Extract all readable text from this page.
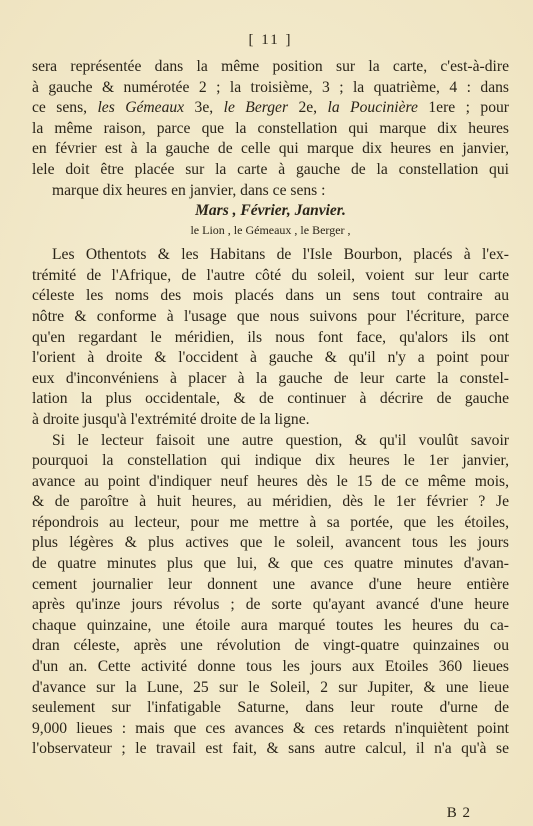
[ 11 ]
sera représentée dans la même position sur la carte, c'est-à-dire
à gauche & numérotée 2 ; la troisième, 3 ; la quatrième, 4 : dans
ce sens, les Gémeaux 3e, le Berger 2e, la Poucinière 1ere ; pour
la même raison, parce que la constellation qui marque dix heures
en février est à la gauche de celle qui marque dix heures en janvier,
lele doit être placée sur la carte à gauche de la constellation qui
marque dix heures en janvier, dans ce sens :
Mars , Février, Janvier.
le Lion , le Gémeaux , le Berger ,
Les Othentots & les Habitans de l'Isle Bourbon, placés à l'ex-
trémité de l'Afrique, de l'autre côté du soleil, voient sur leur carte
céleste les noms des mois placés dans un sens tout contraire au
nôtre & conforme à l'usage que nous suivons pour l'écriture, parce
qu'en regardant le méridien, ils nous font face, qu'alors ils ont
l'orient à droite & l'occident à gauche & qu'il n'y a point pour
eux d'inconvéniens à placer à la gauche de leur carte la constel-
lation la plus occidentale, & de continuer à décrire de gauche
à droite jusqu'à l'extrémité droite de la ligne.
Si le lecteur faisoit une autre question, & qu'il voulût savoir
pourquoi la constellation qui indique dix heures le 1er janvier,
avance au point d'indiquer neuf heures dès le 15 de ce même mois,
& de paroître à huit heures, au méridien, dès le 1er février ? Je
répondrois au lecteur, pour me mettre à sa portée, que les étoiles,
plus légères & plus actives que le soleil, avancent tous les jours
de quatre minutes plus que lui, & que ces quatre minutes d'avan-
cement journalier leur donnent une avance d'une heure entière
après qu'inze jours révolus ; de sorte qu'ayant avancé d'une heure
chaque quinzaine, une étoile aura marqué toutes les heures du ca-
dran céleste, après une révolution de vingt-quatre quinzaines ou
d'un an. Cette activité donne tous les jours aux Etoiles 360 lieues
d'avance sur la Lune, 25 sur le Soleil, 2 sur Jupiter, & une lieue
seulement sur l'infatigable Saturne, dans leur route d'urne de
9,000 lieues : mais que ces avances & ces retards n'inquiètent point
l'observateur ; le travail est fait, & sans autre calcul, il n'a qu'à se
B 2
